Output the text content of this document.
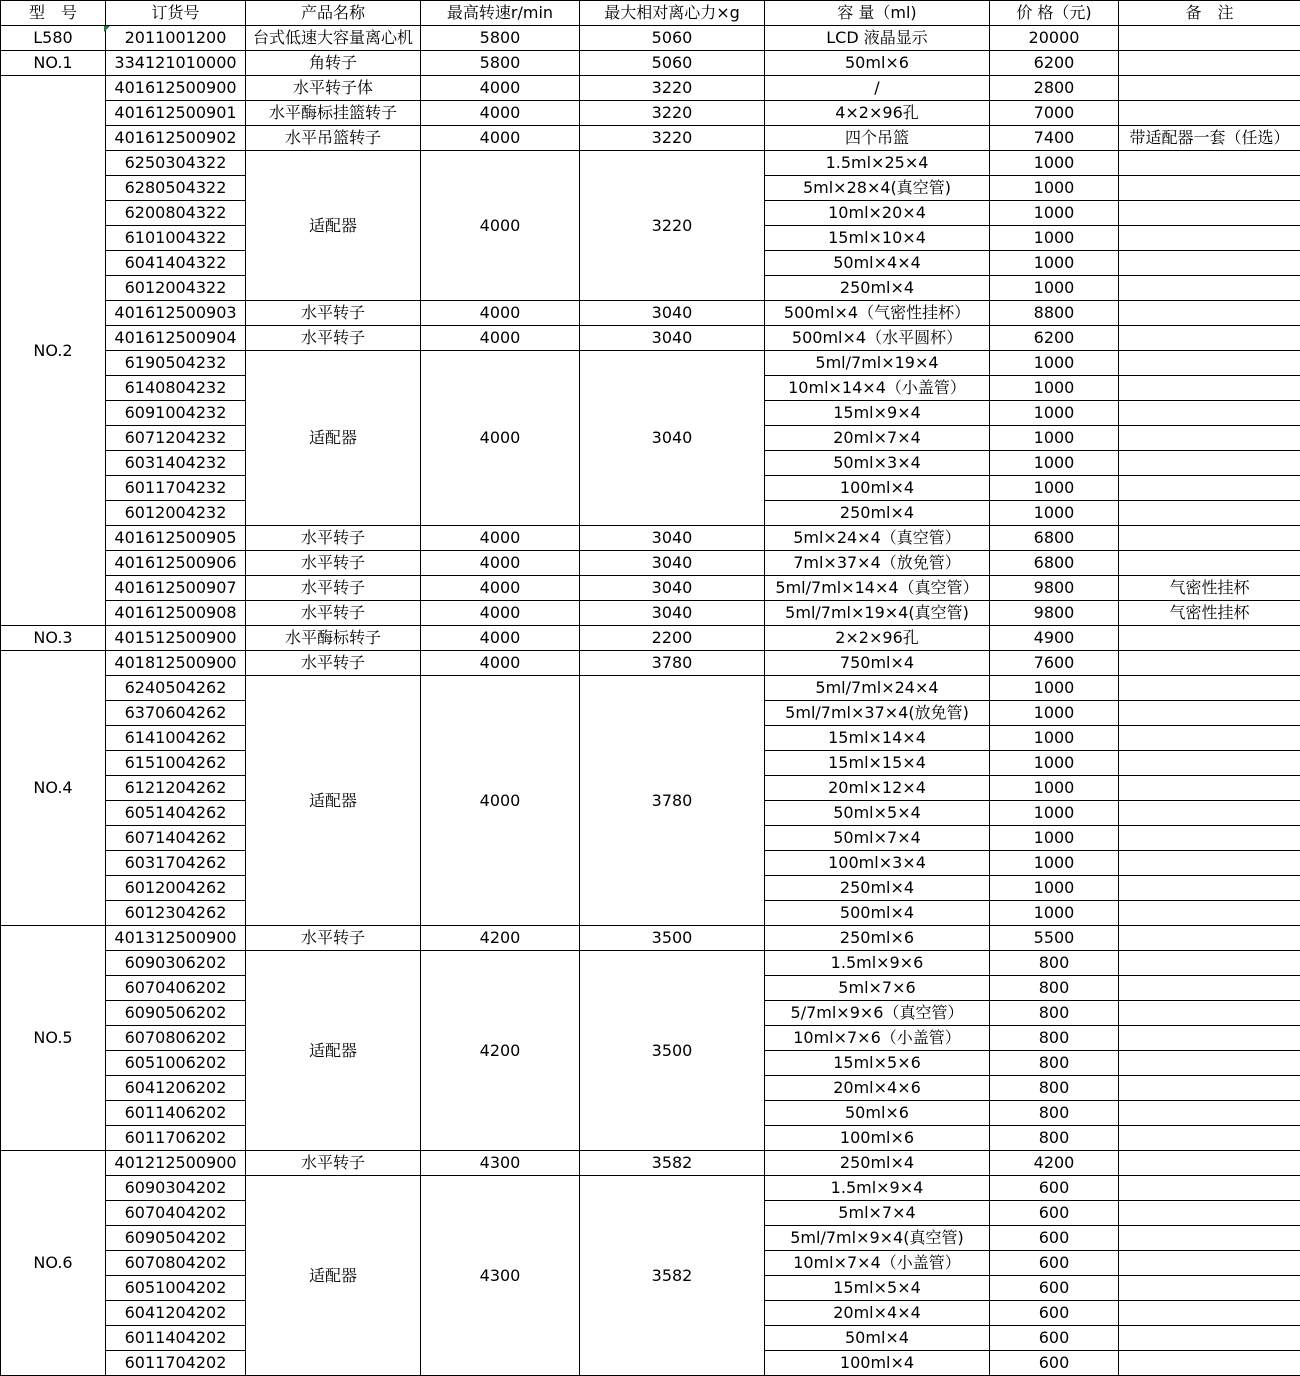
型　号	订货号	产品名称	最高转速r/min	最大相对离心力×g	容 量（ml)	价 格（元)	备　注
L580	2011001200	台式低速大容量离心机	5800	5060	LCD 液晶显示	20000	
NO.1	334121010000	角转子	5800	5060	50ml×6	6200	
NO.2	401612500900	水平转子体	4000	3220	/	2800	
	401612500901	水平酶标挂篮转子	4000	3220	4×2×96孔	7000	
	401612500902	水平吊篮转子	4000	3220	四个吊篮	7400	带适配器一套（任选）
	6250304322	适配器	4000	3220	1.5ml×25×4	1000	
	6280504322				5ml×28×4(真空管)	1000	
	6200804322				10ml×20×4	1000	
	6101004322				15ml×10×4	1000	
	6041404322				50ml×4×4	1000	
	6012004322				250ml×4	1000	
	401612500903	水平转子	4000	3040	500ml×4（气密性挂杯）	8800	
	401612500904	水平转子	4000	3040	500ml×4（水平圆杯）	6200	
	6190504232	适配器	4000	3040	5ml/7ml×19×4	1000	
	6140804232				10ml×14×4（小盖管）	1000	
	6091004232				15ml×9×4	1000	
	6071204232				20ml×7×4	1000	
	6031404232				50ml×3×4	1000	
	6011704232				100ml×4	1000	
	6012004232				250ml×4	1000	
	401612500905	水平转子	4000	3040	5ml×24×4（真空管）	6800	
	401612500906	水平转子	4000	3040	7ml×37×4（放免管）	6800	
	401612500907	水平转子	4000	3040	5ml/7ml×14×4（真空管）	9800	气密性挂杯
	401612500908	水平转子	4000	3040	5ml/7ml×19×4(真空管)	9800	气密性挂杯
NO.3	401512500900	水平酶标转子	4000	2200	2×2×96孔	4900	
NO.4	401812500900	水平转子	4000	3780	750ml×4	7600	
	6240504262	适配器	4000	3780	5ml/7ml×24×4	1000	
	6370604262				5ml/7ml×37×4(放免管)	1000	
	6141004262				15ml×14×4	1000	
	6151004262				15ml×15×4	1000	
	6121204262				20ml×12×4	1000	
	6051404262				50ml×5×4	1000	
	6071404262				50ml×7×4	1000	
	6031704262				100ml×3×4	1000	
	6012004262				250ml×4	1000	
	6012304262				500ml×4	1000	
NO.5	401312500900	水平转子	4200	3500	250ml×6	5500	
	6090306202	适配器	4200	3500	1.5ml×9×6	800	
	6070406202				5ml×7×6	800	
	6090506202				5/7ml×9×6（真空管）	800	
	6070806202				10ml×7×6（小盖管）	800	
	6051006202				15ml×5×6	800	
	6041206202				20ml×4×6	800	
	6011406202				50ml×6	800	
	6011706202				100ml×6	800	
NO.6	401212500900	水平转子	4300	3582	250ml×4	4200	
	6090304202	适配器	4300	3582	1.5ml×9×4	600	
	6070404202				5ml×7×4	600	
	6090504202				5ml/7ml×9×4(真空管)	600	
	6070804202				10ml×7×4（小盖管）	600	
	6051004202				15ml×5×4	600	
	6041204202				20ml×4×4	600	
	6011404202				50ml×4	600	
	6011704202				100ml×4	600	
